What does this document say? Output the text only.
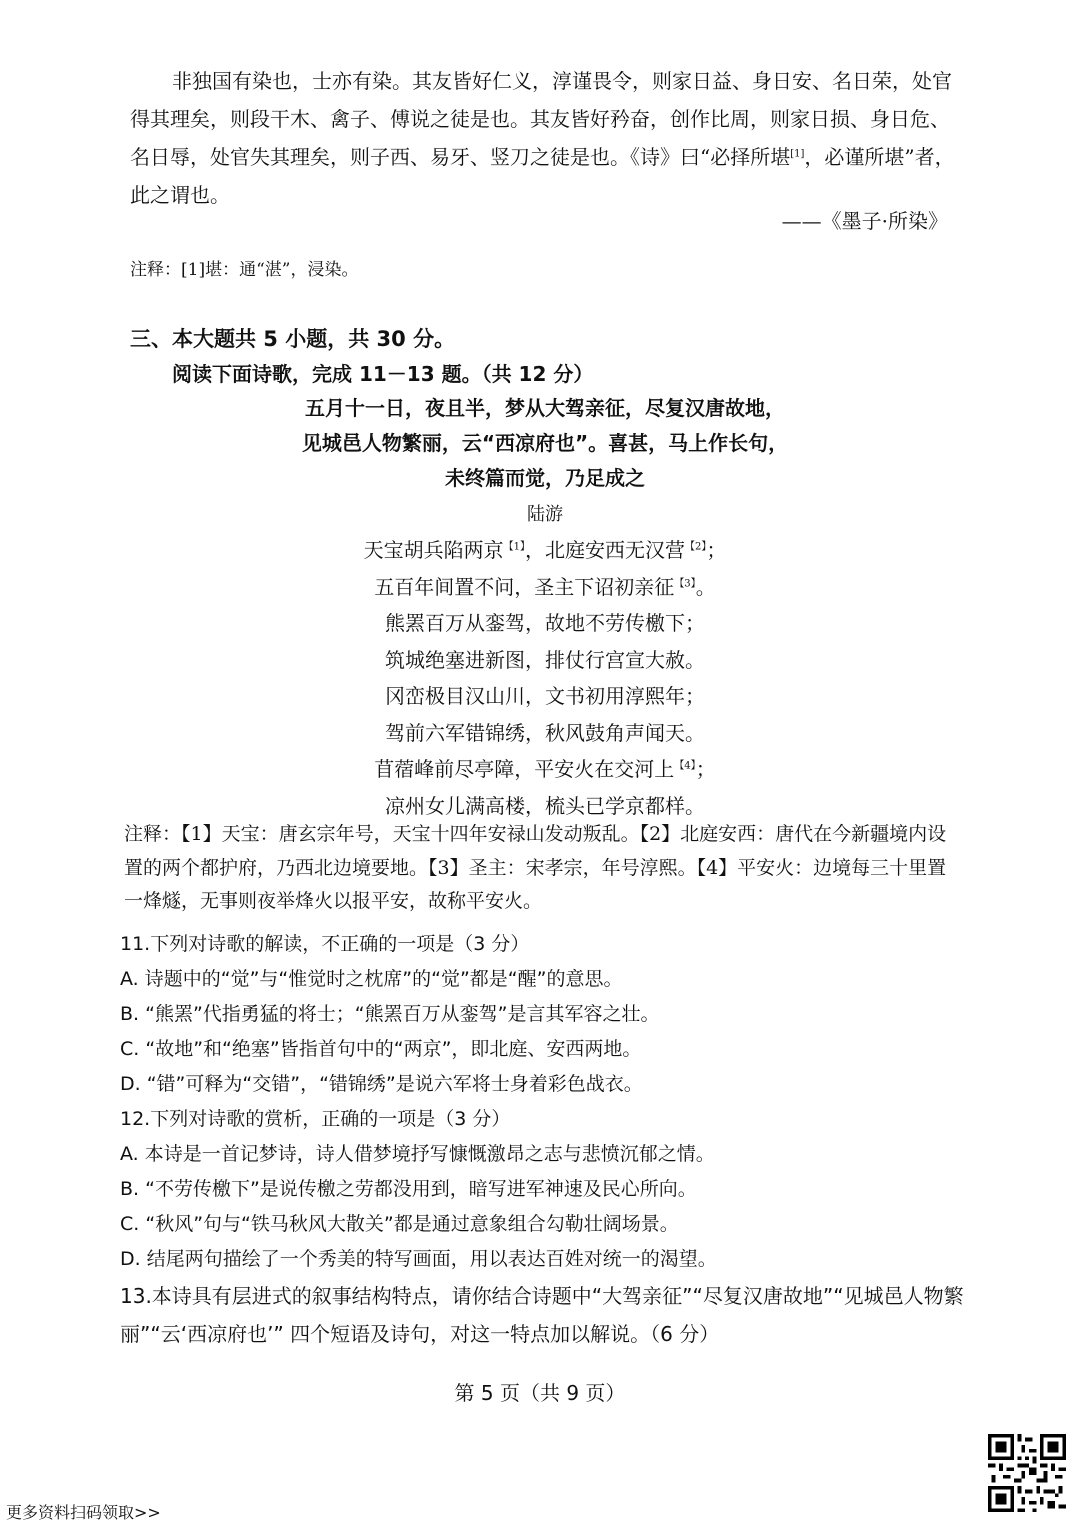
非独国有染也，士亦有染。其友皆好仁义，淳谨畏令，则家日益、身日安、名日荣，处官得其理矣，则段干木、禽子、傅说之徒是也。其友皆好矜奋，创作比周，则家日损、身日危、名日辱，处官失其理矣，则子西、易牙、竖刀之徒是也。《诗》曰“必择所堪[1]，必谨所堪”者，此之谓也。
——《墨子·所染》
注释：[1]堪：通“湛”，浸染。
三、本大题共 5 小题，共 30 分。
阅读下面诗歌，完成 11－13 题。（共 12 分）
五月十一日，夜且半，梦从大驾亲征，尽复汉唐故地，
见城邑人物繁丽，云“西凉府也”。喜甚，马上作长句，
未终篇而觉，乃足成之
陆游
天宝胡兵陷两京$^{【1】}$，北庭安西无汉营$^{【2】}$；
五百年间置不问，圣主下诏初亲征$^{【3】}$。
熊罴百万从銮驾，故地不劳传檄下；
筑城绝塞进新图，排仗行宫宣大赦。
冈峦极目汉山川，文书初用淳熙年；
驾前六军错锦绣，秋风鼓角声闻天。
苜蓿峰前尽亭障，平安火在交河上$^{【4】}$；
凉州女儿满高楼，梳头已学京都样。
注释：【1】天宝：唐玄宗年号，天宝十四年安禄山发动叛乱。【2】北庭安西：唐代在今新疆境内设置的两个都护府，乃西北边境要地。【3】圣主：宋孝宗，年号淳熙。【4】平安火：边境每三十里置一烽燧，无事则夜举烽火以报平安，故称平安火。
11.下列对诗歌的解读，不正确的一项是（3 分）
A. 诗题中的“觉”与“惟觉时之枕席”的“觉”都是“醒”的意思。
B. “熊罴”代指勇猛的将士；“熊罴百万从銮驾”是言其军容之壮。
C. “故地”和“绝塞”皆指首句中的“两京”，即北庭、安西两地。
D. “错”可释为“交错”，“错锦绣”是说六军将士身着彩色战衣。
12.下列对诗歌的赏析，正确的一项是（3 分）
A. 本诗是一首记梦诗，诗人借梦境抒写慷慨激昂之志与悲愤沉郁之情。
B. “不劳传檄下”是说传檄之劳都没用到，暗写进军神速及民心所向。
C. “秋风”句与“铁马秋风大散关”都是通过意象组合勾勒壮阔场景。
D. 结尾两句描绘了一个秀美的特写画面，用以表达百姓对统一的渴望。
13.本诗具有层进式的叙事结构特点，请你结合诗题中“大驾亲征”“尽复汉唐故地”“见城邑人物繁丽”“云‘西凉府也’” 四个短语及诗句，对这一特点加以解说。（6 分）
第 5 页（共 9 页）
更多资料扫码领取>>
